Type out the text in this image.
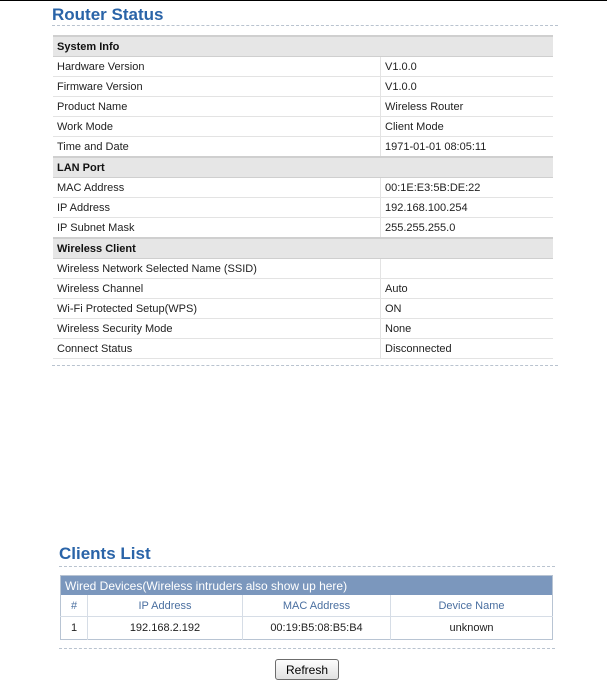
Router Status
System Info	
Hardware Version	V1.0.0
Firmware Version	V1.0.0
Product Name	Wireless Router
Work Mode	Client Mode
Time and Date	1971-01-01 08:05:11
LAN Port	
MAC Address	00:1E:E3:5B:DE:22
IP Address	192.168.100.254
IP Subnet Mask	255.255.255.0
Wireless Client	
Wireless Network Selected Name (SSID)	
Wireless Channel	Auto
Wi-Fi Protected Setup(WPS)	ON
Wireless Security Mode	None
Connect Status	Disconnected
Clients List
Wired Devices(Wireless intruders also show up here)			
#	IP Address	MAC Address	Device Name
1	192.168.2.192	00:19:B5:08:B5:B4	unknown
Refresh
